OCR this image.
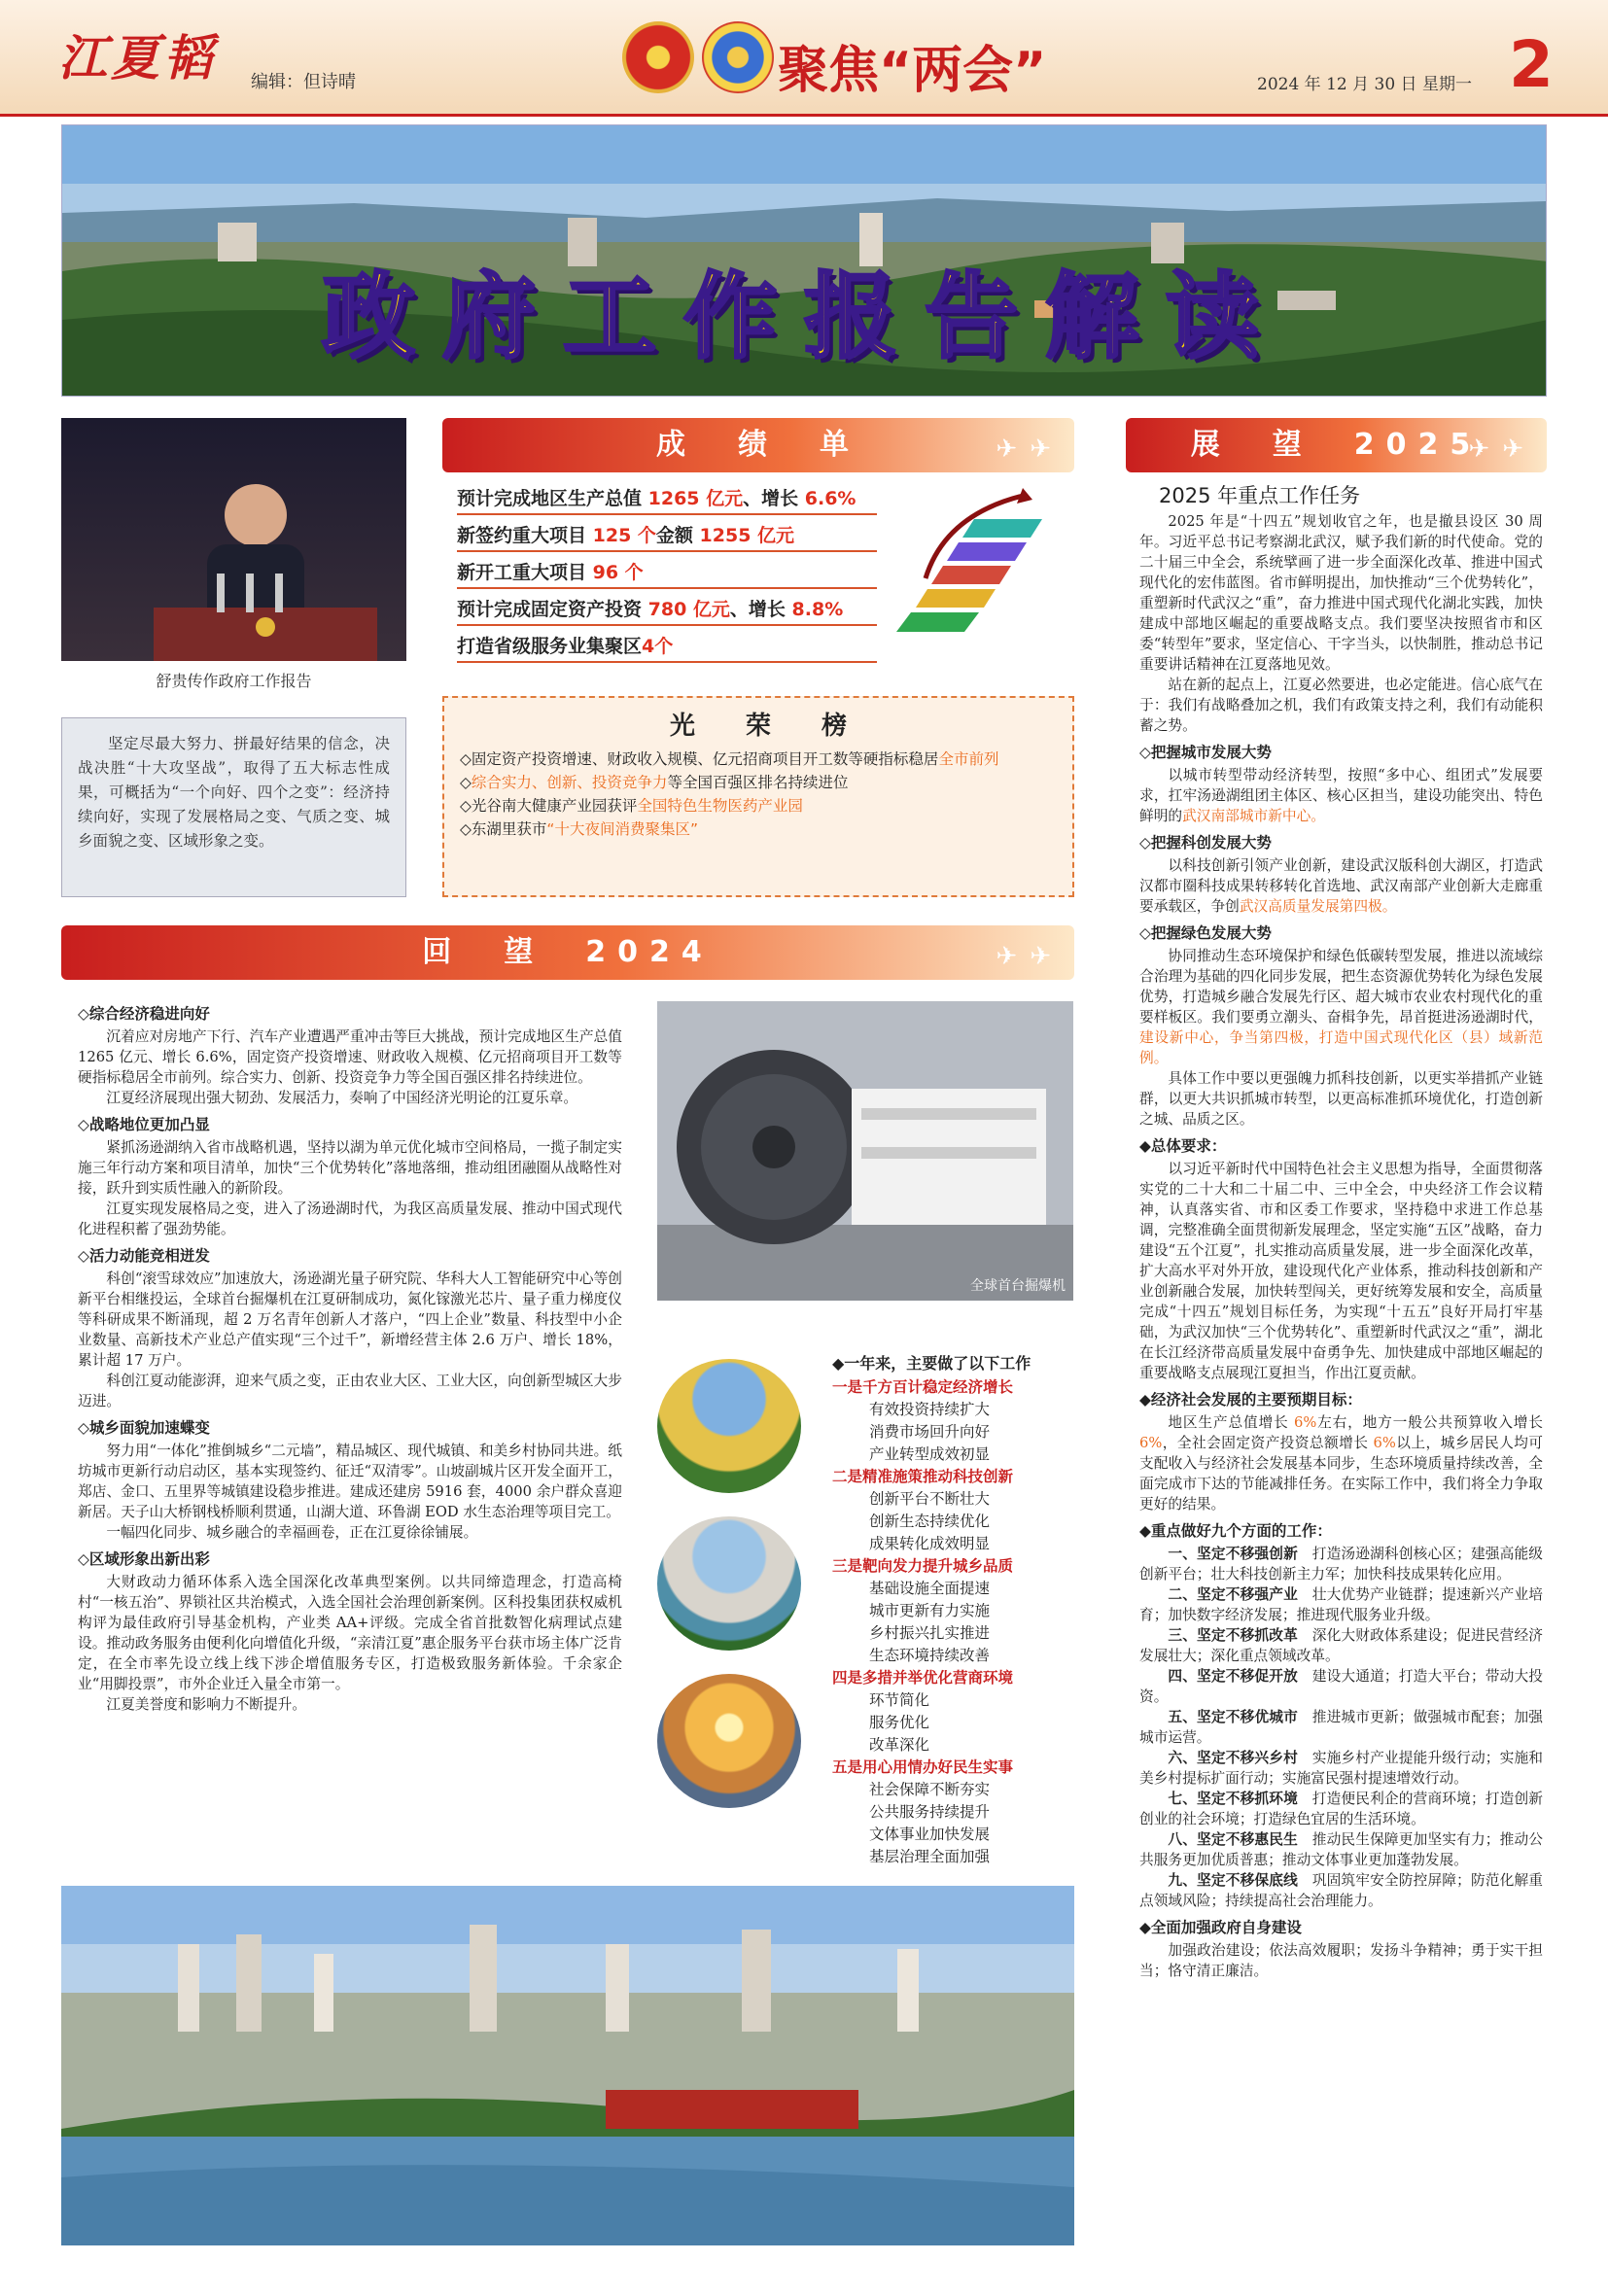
江夏韬 编辑：但诗晴	聚焦“两会”	2024 年 12 月 30 日 星期一 2
政府工作报告解读
舒贵传作政府工作报告
坚定尽最大努力、拼最好结果的信念，决战决胜“十大攻坚战”，取得了五大标志性成果，可概括为“一个向好、四个之变”：经济持续向好，实现了发展格局之变、气质之变、城乡面貌之变、区域形象之变。
成　绩　单	✈ ✈
预计完成地区生产总值 1265 亿元、增长 6.6%
新签约重大项目 125 个金额 1255 亿元
新开工重大项目 96 个
预计完成固定资产投资 780 亿元、增长 8.8%
打造省级服务业集聚区4个
光　　荣　　榜
◇固定资产投资增速、财政收入规模、亿元招商项目开工数等硬指标稳居全市前列
◇综合实力、创新、投资竞争力等全国百强区排名持续进位
◇光谷南大健康产业园获评全国特色生物医药产业园
◇东湖里获市“十大夜间消费聚集区”
回　望　2024	✈ ✈
◇综合经济稳进向好

沉着应对房地产下行、汽车产业遭遇严重冲击等巨大挑战，预计完成地区生产总值 1265 亿元、增长 6.6%，固定资产投资增速、财政收入规模、亿元招商项目开工数等硬指标稳居全市前列。综合实力、创新、投资竞争力等全国百强区排名持续进位。

江夏经济展现出强大韧劲、发展活力，奏响了中国经济光明论的江夏乐章。

◇战略地位更加凸显

紧抓汤逊湖纳入省市战略机遇，坚持以湖为单元优化城市空间格局，一揽子制定实施三年行动方案和项目清单，加快“三个优势转化”落地落细，推动组团融圈从战略性对接，跃升到实质性融入的新阶段。

江夏实现发展格局之变，进入了汤逊湖时代，为我区高质量发展、推动中国式现代化进程积蓄了强劲势能。

◇活力动能竞相迸发

科创“滚雪球效应”加速放大，汤逊湖光量子研究院、华科大人工智能研究中心等创新平台相继投运，全球首台掘爆机在江夏研制成功，氮化镓激光芯片、量子重力梯度仪等科研成果不断涌现，超 2 万名青年创新人才落户，“四上企业”数量、科技型中小企业数量、高新技术产业总产值实现“三个过千”，新增经营主体 2.6 万户、增长 18%，累计超 17 万户。

科创江夏动能澎湃，迎来气质之变，正由农业大区、工业大区，向创新型城区大步迈进。

◇城乡面貌加速蝶变

努力用“一体化”推倒城乡“二元墙”，精品城区、现代城镇、和美乡村协同共进。纸坊城市更新行动启动区，基本实现签约、征迁“双清零”。山坡副城片区开发全面开工，郑店、金口、五里界等城镇建设稳步推进。建成还建房 5916 套，4000 余户群众喜迎新居。天子山大桥钢栈桥顺利贯通，山湖大道、环鲁湖 EOD 水生态治理等项目完工。

一幅四化同步、城乡融合的幸福画卷，正在江夏徐徐铺展。

◇区域形象出新出彩

大财政动力循环体系入选全国深化改革典型案例。以共同缔造理念，打造高椅村“一核五治”、界锁社区共治模式，入选全国社会治理创新案例。区科投集团获权威机构评为最佳政府引导基金机构，产业类 AA+评级。完成全省首批数智化病理试点建设。推动政务服务由便利化向增值化升级，“亲清江夏”惠企服务平台获市场主体广泛肯定，在全市率先设立线上线下涉企增值服务专区，打造极致服务新体验。千余家企业“用脚投票”，市外企业迁入量全市第一。

江夏美誉度和影响力不断提升。

全球首台掘爆机
◆一年来，主要做了以下工作
一是千方百计稳定经济增长
有效投资持续扩大
消费市场回升向好
产业转型成效初显
二是精准施策推动科技创新
创新平台不断壮大
创新生态持续优化
成果转化成效明显
三是靶向发力提升城乡品质
基础设施全面提速
城市更新有力实施
乡村振兴扎实推进
生态环境持续改善
四是多措并举优化营商环境
环节简化
服务优化
改革深化
五是用心用情办好民生实事
社会保障不断夯实
公共服务持续提升
文体事业加快发展
基层治理全面加强
展　望　2025
✈ ✈
2025 年重点工作任务

2025 年是“十四五”规划收官之年，也是撤县设区 30 周年。习近平总书记考察湖北武汉，赋予我们新的时代使命。党的二十届三中全会，系统擘画了进一步全面深化改革、推进中国式现代化的宏伟蓝图。省市鲜明提出，加快推动“三个优势转化”，重塑新时代武汉之“重”，奋力推进中国式现代化湖北实践，加快建成中部地区崛起的重要战略支点。我们要坚决按照省市和区委“转型年”要求，坚定信心、干字当头，以快制胜，推动总书记重要讲话精神在江夏落地见效。

站在新的起点上，江夏必然要进，也必定能进。信心底气在于：我们有战略叠加之机，我们有政策支持之利，我们有动能积蓄之势。

◇把握城市发展大势

以城市转型带动经济转型，按照“多中心、组团式”发展要求，扛牢汤逊湖组团主体区、核心区担当，建设功能突出、特色鲜明的武汉南部城市新中心。

◇把握科创发展大势

以科技创新引领产业创新，建设武汉版科创大湖区，打造武汉都市圈科技成果转移转化首选地、武汉南部产业创新大走廊重要承载区，争创武汉高质量发展第四极。

◇把握绿色发展大势

协同推动生态环境保护和绿色低碳转型发展，推进以流域综合治理为基础的四化同步发展，把生态资源优势转化为绿色发展优势，打造城乡融合发展先行区、超大城市农业农村现代化的重要样板区。我们要勇立潮头、奋楫争先，昂首挺进汤逊湖时代，建设新中心，争当第四极，打造中国式现代化区（县）域新范例。

具体工作中要以更强魄力抓科技创新，以更实举措抓产业链群，以更大共识抓城市转型，以更高标准抓环境优化，打造创新之城、品质之区。

◆总体要求：

以习近平新时代中国特色社会主义思想为指导，全面贯彻落实党的二十大和二十届二中、三中全会，中央经济工作会议精神，认真落实省、市和区委工作要求，坚持稳中求进工作总基调，完整准确全面贯彻新发展理念，坚定实施“五区”战略，奋力建设“五个江夏”，扎实推动高质量发展，进一步全面深化改革，扩大高水平对外开放，建设现代化产业体系，推动科技创新和产业创新融合发展，加快转型闯关，更好统筹发展和安全，高质量完成“十四五”规划目标任务，为实现“十五五”良好开局打牢基础，为武汉加快“三个优势转化”、重塑新时代武汉之“重”，湖北在长江经济带高质量发展中奋勇争先、加快建成中部地区崛起的重要战略支点展现江夏担当，作出江夏贡献。

◆经济社会发展的主要预期目标：

地区生产总值增长 6%左右，地方一般公共预算收入增长 6%，全社会固定资产投资总额增长 6%以上，城乡居民人均可支配收入与经济社会发展基本同步，生态环境质量持续改善，全面完成市下达的节能减排任务。在实际工作中，我们将全力争取更好的结果。

◆重点做好九个方面的工作：

一、坚定不移强创新　打造汤逊湖科创核心区；建强高能级创新平台；壮大科技创新主力军；加快科技成果转化应用。

二、坚定不移强产业　壮大优势产业链群；提速新兴产业培育；加快数字经济发展；推进现代服务业升级。

三、坚定不移抓改革　深化大财政体系建设；促进民营经济发展壮大；深化重点领域改革。

四、坚定不移促开放　建设大通道；打造大平台；带动大投资。

五、坚定不移优城市　推进城市更新；做强城市配套；加强城市运营。

六、坚定不移兴乡村　实施乡村产业提能升级行动；实施和美乡村提标扩面行动；实施富民强村提速增效行动。

七、坚定不移抓环境　打造便民利企的营商环境；打造创新创业的社会环境；打造绿色宜居的生活环境。

八、坚定不移惠民生　推动民生保障更加坚实有力；推动公共服务更加优质普惠；推动文体事业更加蓬勃发展。

九、坚定不移保底线　巩固筑牢安全防控屏障；防范化解重点领域风险；持续提高社会治理能力。

◆全面加强政府自身建设

加强政治建设；依法高效履职；发扬斗争精神；勇于实干担当；恪守清正廉洁。
